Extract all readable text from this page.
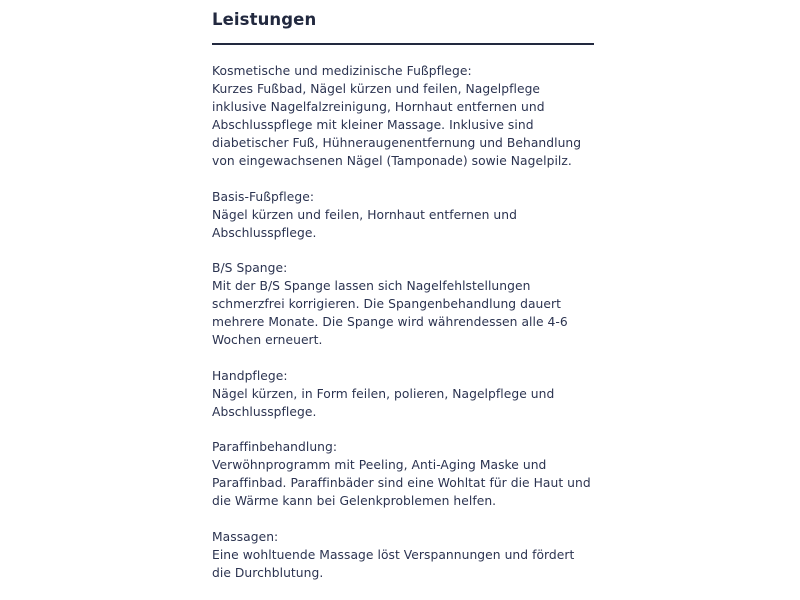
Leistungen
Kosmetische und medizinische Fußpflege:
Kurzes Fußbad, Nägel kürzen und feilen, Nagelpflege inklusive Nagelfalzreinigung, Hornhaut entfernen und Abschlusspflege mit kleiner Massage. Inklusive sind diabetischer Fuß, Hühneraugenentfernung und Behandlung von eingewachsenen Nägel (Tamponade) sowie Nagelpilz.
Basis-Fußpflege:
Nägel kürzen und feilen, Hornhaut entfernen und Abschlusspflege.
B/S Spange:
Mit der B/S Spange lassen sich Nagelfehlstellungen schmerzfrei korrigieren. Die Spangenbehandlung dauert mehrere Monate. Die Spange wird währendessen alle 4-6 Wochen erneuert.
Handpflege:
Nägel kürzen, in Form feilen, polieren, Nagelpflege und Abschlusspflege.
Paraffinbehandlung:
Verwöhnprogramm mit Peeling, Anti-Aging Maske und Paraffinbad. Paraffinbäder sind eine Wohltat für die Haut und die Wärme kann bei Gelenkproblemen helfen.
Massagen:
Eine wohltuende Massage löst Verspannungen und fördert die Durchblutung.
